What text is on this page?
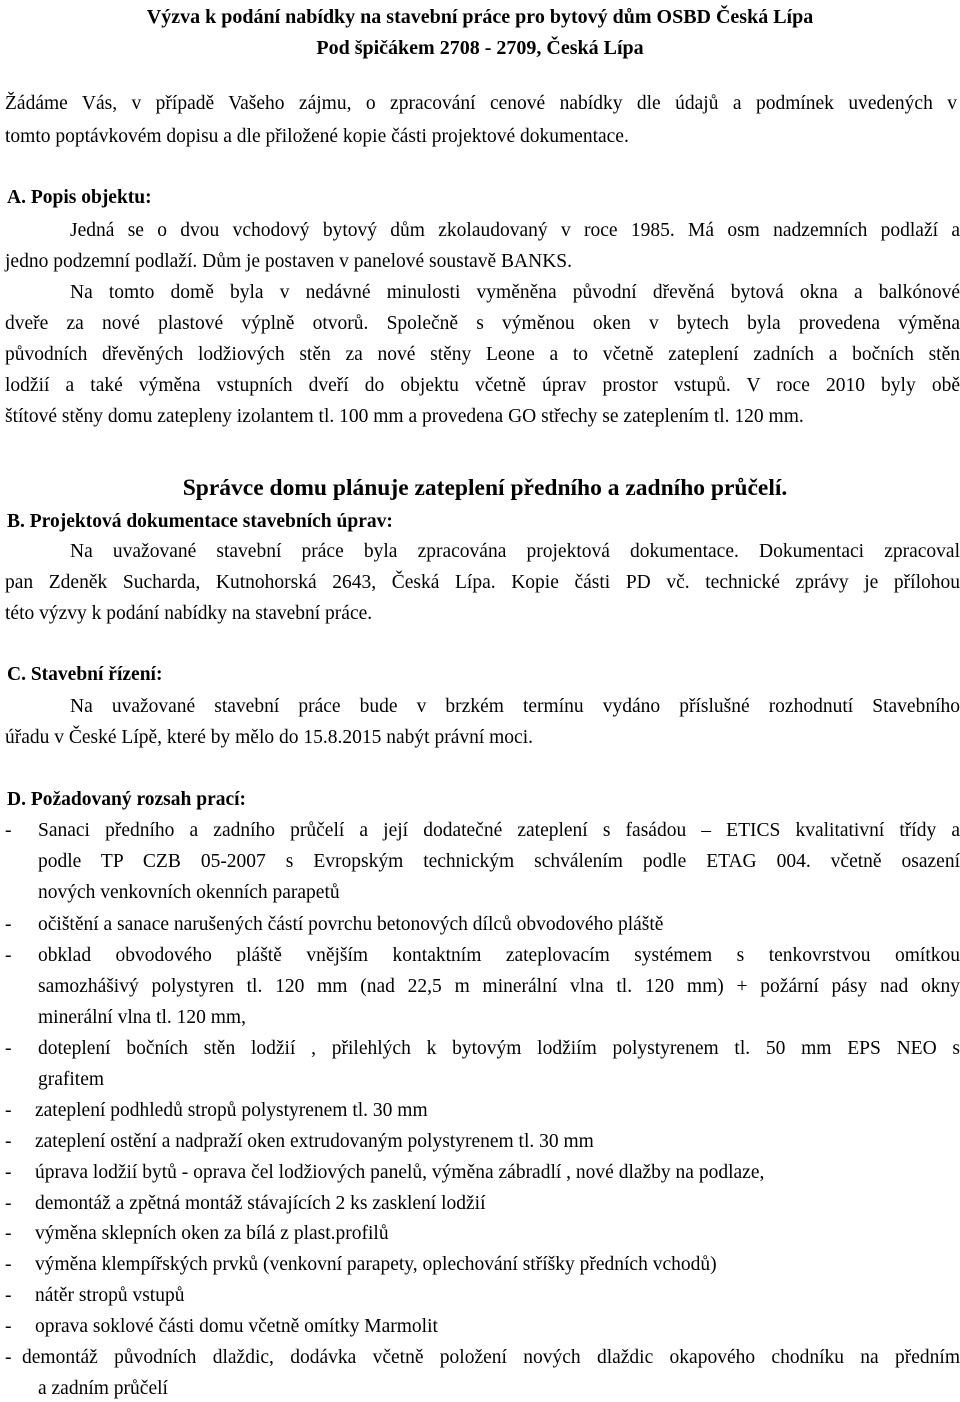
Výzva k podání nabídky na stavební práce pro bytový dům OSBD Česká Lípa
Pod špičákem 2708 - 2709, Česká Lípa
Žádáme Vás, v případě Vašeho zájmu, o zpracování cenové nabídky dle údajů a podmínek uvedených v
tomto poptávkovém dopisu a dle přiložené kopie části projektové dokumentace.
A. Popis objektu:
Jedná se o dvou vchodový bytový dům zkolaudovaný v roce 1985. Má osm nadzemních podlaží a
jedno podzemní podlaží. Dům je postaven v panelové soustavě BANKS.
Na tomto domě byla v nedávné minulosti vyměněna původní dřevěná bytová okna a balkónové
dveře za nové plastové výplně otvorů. Společně s výměnou oken v bytech byla provedena výměna
původních dřevěných lodžiových stěn za nové stěny Leone a to včetně zateplení zadních a bočních stěn
lodžií a také výměna vstupních dveří do objektu včetně úprav prostor vstupů. V roce 2010 byly obě
štítové stěny domu zatepleny izolantem tl. 100 mm a provedena GO střechy se zateplením tl. 120 mm.
Správce domu plánuje zateplení předního a zadního průčelí.
B. Projektová dokumentace stavebních úprav:
Na uvažované stavební práce byla zpracována projektová dokumentace. Dokumentaci zpracoval
pan Zdeněk Sucharda, Kutnohorská 2643, Česká Lípa. Kopie části PD vč. technické zprávy je přílohou
této výzvy k podání nabídky na stavební práce.
C. Stavební řízení:
Na uvažované stavební práce bude v brzkém termínu vydáno příslušné rozhodnutí Stavebního
úřadu v České Lípě, které by mělo do 15.8.2015 nabýt právní moci.
D. Požadovaný rozsah prací:
- Sanaci předního a zadního průčelí a její dodatečné zateplení s fasádou – ETICS kvalitativní třídy a
podle TP CZB 05-2007 s Evropským technickým schválením podle ETAG 004. včetně osazení
nových venkovních okenních parapetů
- očištění a sanace narušených částí povrchu betonových dílců obvodového pláště
- obklad obvodového pláště vnějším kontaktním zateplovacím systémem s tenkovrstvou omítkou
samozhášivý polystyren tl. 120 mm (nad 22,5 m minerální vlna tl. 120 mm) + požární pásy nad okny
minerální vlna tl. 120 mm,
- doteplení bočních stěn lodžií , přilehlých k bytovým lodžiím polystyrenem tl. 50 mm EPS NEO s
grafitem
- zateplení podhledů stropů polystyrenem tl. 30 mm
- zateplení ostění a nadpraží oken extrudovaným polystyrenem tl. 30 mm
- úprava lodžií bytů - oprava čel lodžiových panelů, výměna zábradlí , nové dlažby na podlaze,
- demontáž a zpětná montáž stávajících 2 ks zasklení lodžií
- výměna sklepních oken za bílá z plast.profilů
- výměna klempířských prvků (venkovní parapety, oplechování stříšky předních vchodů)
- nátěr stropů vstupů
- oprava soklové části domu včetně omítky Marmolit
- demontáž původních dlaždic, dodávka včetně položení nových dlaždic okapového chodníku na předním
a zadním průčelí
